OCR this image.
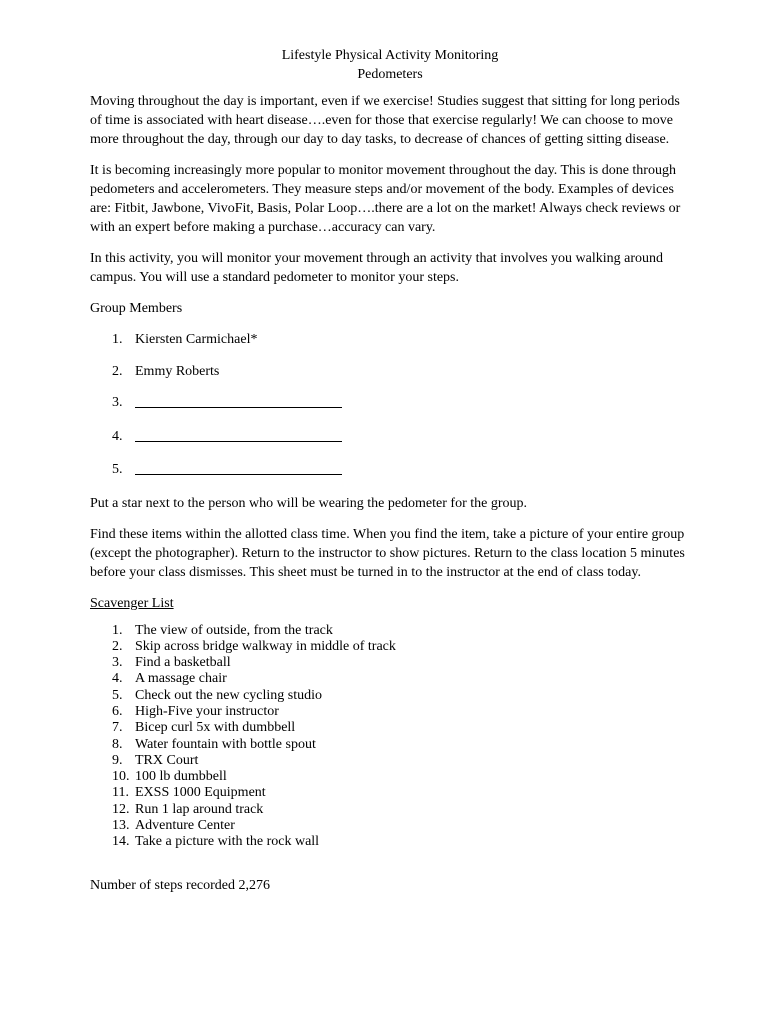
Lifestyle Physical Activity Monitoring

Pedometers

Moving throughout the day is important, even if we exercise! Studies suggest that sitting for long periods of time is associated with heart disease….even for those that exercise regularly! We can choose to move more throughout the day, through our day to day tasks, to decrease of chances of getting sitting disease.

It is becoming increasingly more popular to monitor movement throughout the day. This is done through pedometers and accelerometers. They measure steps and/or movement of the body. Examples of devices are: Fitbit, Jawbone, VivoFit, Basis, Polar Loop….there are a lot on the market! Always check reviews or with an expert before making a purchase…accuracy can vary.

In this activity, you will monitor your movement through an activity that involves you walking around campus. You will use a standard pedometer to monitor your steps.

Group Members

1. Kiersten Carmichael*
2. Emmy Roberts
3.
4.
5.

Put a star next to the person who will be wearing the pedometer for the group.

Find these items within the allotted class time. When you find the item, take a picture of your entire group (except the photographer). Return to the instructor to show pictures. Return to the class location 5 minutes before your class dismisses. This sheet must be turned in to the instructor at the end of class today.

Scavenger List

1. The view of outside, from the track
2. Skip across bridge walkway in middle of track
3. Find a basketball
4. A massage chair
5. Check out the new cycling studio
6. High-Five your instructor
7. Bicep curl 5x with dumbbell
8. Water fountain with bottle spout
9. TRX Court
10. 100 lb dumbbell
11. EXSS 1000 Equipment
12. Run 1 lap around track
13. Adventure Center
14. Take a picture with the rock wall

Number of steps recorded 2,276
